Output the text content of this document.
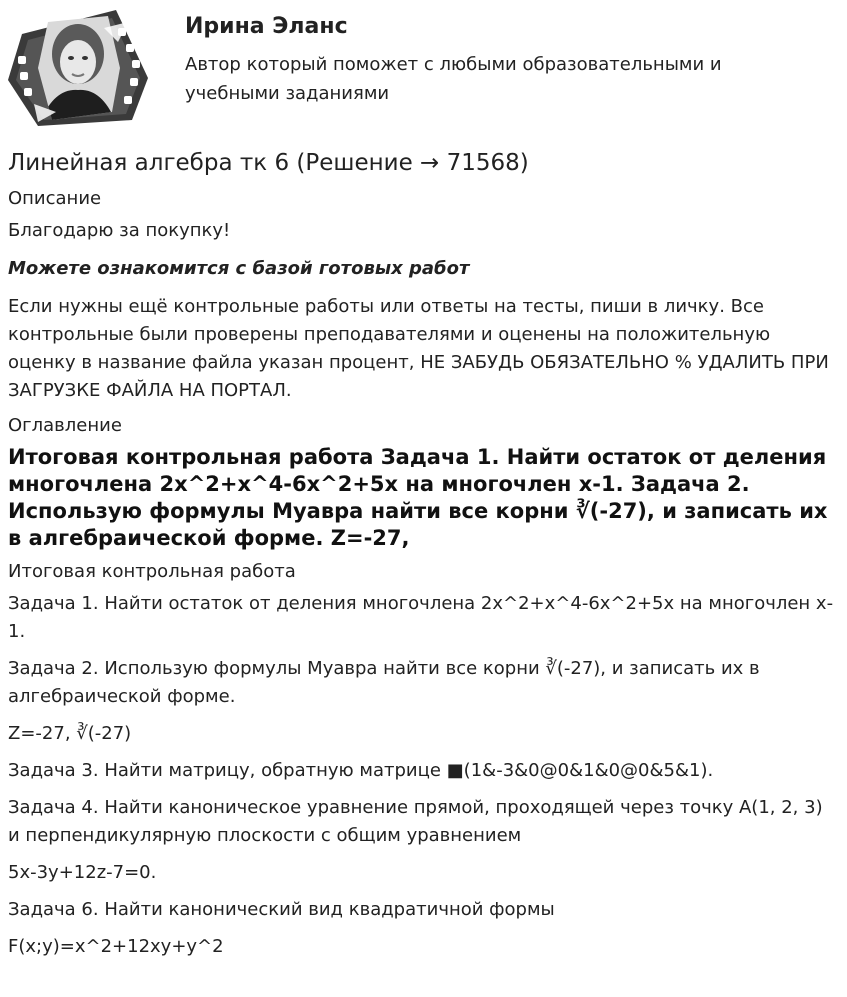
Ирина Эланс
Автор который поможет с любыми образовательными и учебными заданиями
Линейная алгебра тк 6 (Решение → 71568)
Описание
Благодарю за покупку!
Можете ознакомится с базой готовых работ
Если нужны ещё контрольные работы или ответы на тесты, пиши в личку. Все контрольные были проверены преподавателями и оценены на положительную оценку в название файла указан процент, НЕ ЗАБУДЬ ОБЯЗАТЕЛЬНО % УДАЛИТЬ ПРИ ЗАГРУЗКЕ ФАЙЛА НА ПОРТАЛ.
Оглавление
Итоговая контрольная работа Задача 1. Найти остаток от деления многочлена 2x^2+x^4-6x^2+5x на многочлен x-1. Задача 2. Использую формулы Муавра найти все корни ∛(-27), и записать их в алгебраической форме. Z=-27,
Итоговая контрольная работа
Задача 1. Найти остаток от деления многочлена 2x^2+x^4-6x^2+5x на многочлен x-1.
Задача 2. Использую формулы Муавра найти все корни ∛(-27), и записать их в алгебраической форме.
Z=-27, ∛(-27)
Задача 3. Найти матрицу, обратную матрице ■(1&-3&0@0&1&0@0&5&1).
Задача 4. Найти каноническое уравнение прямой, проходящей через точку A(1, 2, 3) и перпендикулярную плоскости с общим уравнением
5x-3y+12z-7=0.
Задача 6. Найти канонический вид квадратичной формы
F(x;y)=x^2+12xy+y^2
